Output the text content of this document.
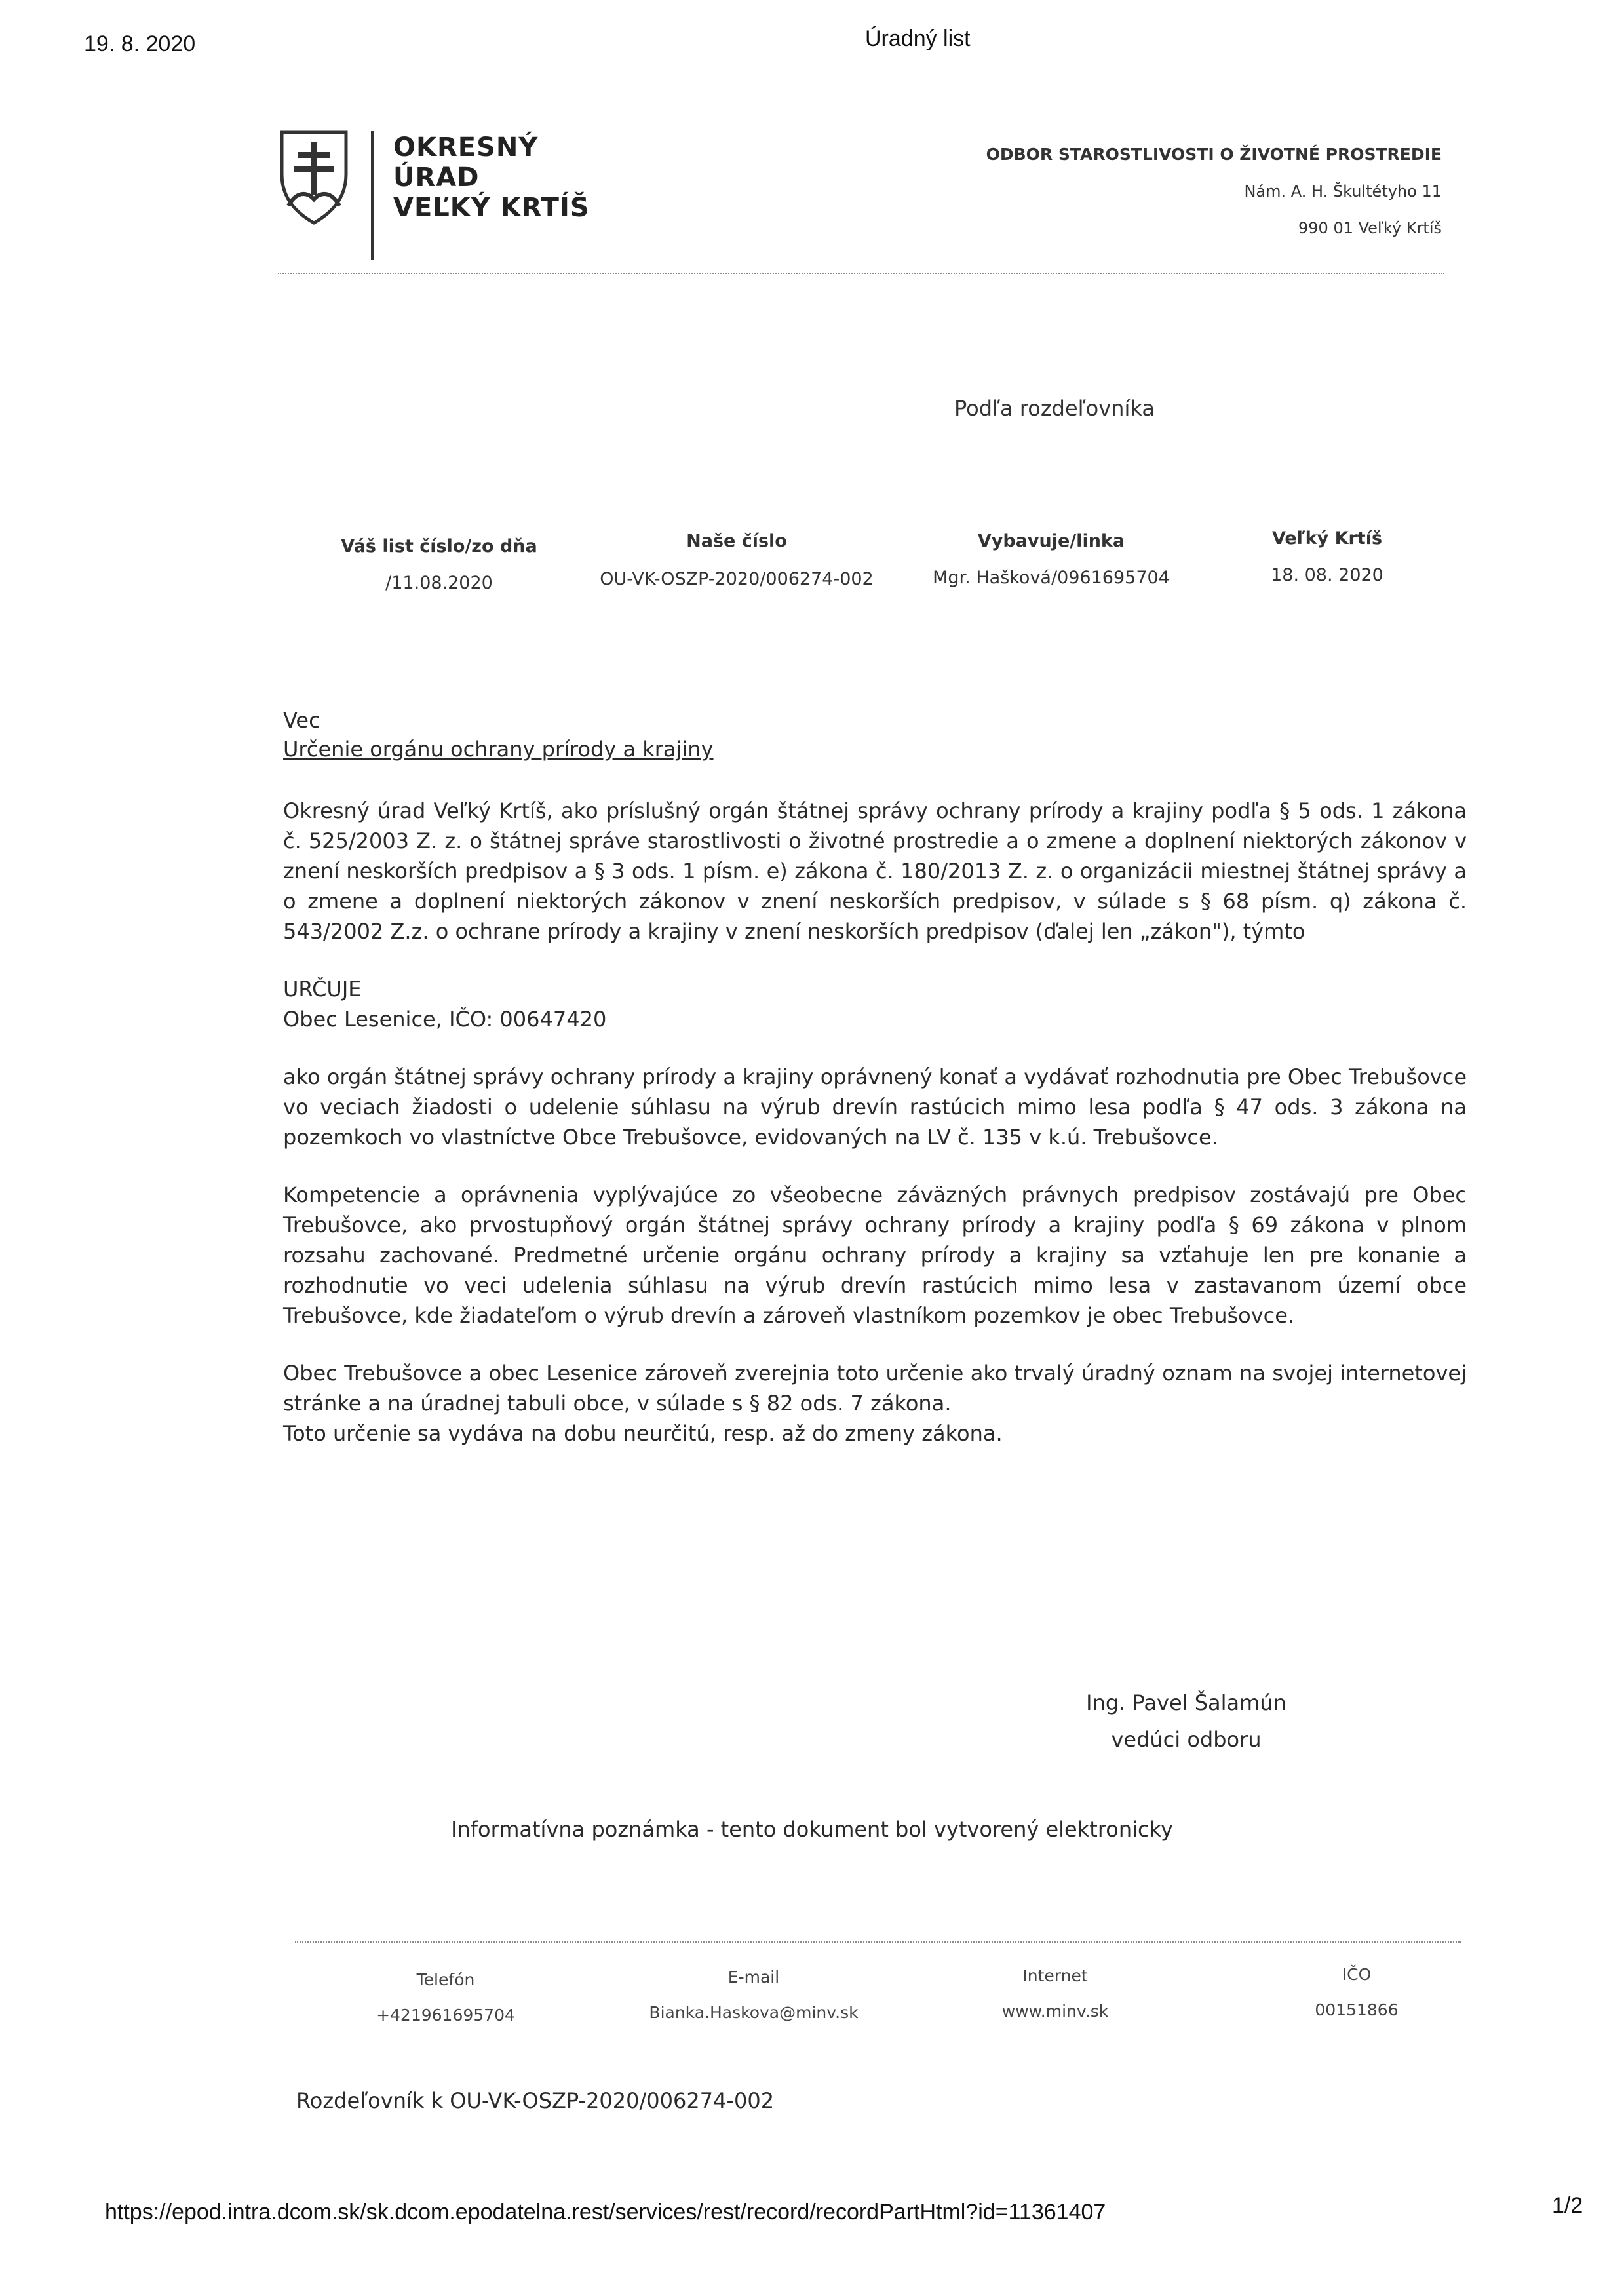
19. 8. 2020	Úradný list
OKRESNÝ
ÚRAD
VEĽKÝ KRTÍŠ
ODBOR STAROSTLIVOSTI O ŽIVOTNÉ PROSTREDIE
Nám. A. H. Škultétyho 11
990 01 Veľký Krtíš
Podľa rozdeľovníka
Váš list číslo/zo dňa
/11.08.2020
Naše číslo
OU-VK-OSZP-2020/006274-002
Vybavuje/linka
Mgr. Hašková/0961695704
Veľký Krtíš
18. 08. 2020
Vec
Určenie orgánu ochrany prírody a krajiny

Okresný úrad Veľký Krtíš, ako príslušný orgán štátnej správy ochrany prírody a krajiny podľa § 5 ods. 1 zákona č. 525/2003 Z. z. o štátnej správe starostlivosti o životné prostredie a o zmene a doplnení niektorých zákonov v znení neskorších predpisov a § 3 ods. 1 písm. e) zákona č. 180/2013 Z. z. o organizácii miestnej štátnej správy a o zmene a doplnení niektorých zákonov v znení neskorších predpisov, v súlade s § 68 písm. q) zákona č. 543/2002 Z.z. o ochrane prírody a krajiny v znení neskorších predpisov (ďalej len „zákon"), týmto

URČUJE

Obec Lesenice, IČO: 00647420

ako orgán štátnej správy ochrany prírody a krajiny oprávnený konať a vydávať rozhodnutia pre Obec Trebušovce vo veciach žiadosti o udelenie súhlasu na výrub drevín rastúcich mimo lesa podľa § 47 ods. 3 zákona na pozemkoch vo vlastníctve Obce Trebušovce, evidovaných na LV č. 135 v k.ú. Trebušovce.

Kompetencie a oprávnenia vyplývajúce zo všeobecne záväzných právnych predpisov zostávajú pre Obec Trebušovce, ako prvostupňový orgán štátnej správy ochrany prírody a krajiny podľa § 69 zákona v plnom rozsahu zachované. Predmetné určenie orgánu ochrany prírody a krajiny sa vzťahuje len pre konanie a rozhodnutie vo veci udelenia súhlasu na výrub drevín rastúcich mimo lesa v zastavanom území obce Trebušovce, kde žiadateľom o výrub drevín a zároveň vlastníkom pozemkov je obec Trebušovce.

Obec Trebušovce a obec Lesenice zároveň zverejnia toto určenie ako trvalý úradný oznam na svojej internetovej stránke a na úradnej tabuli obce, v súlade s § 82 ods. 7 zákona.

Toto určenie sa vydáva na dobu neurčitú, resp. až do zmeny zákona.

Ing. Pavel Šalamún
vedúci odboru
Informatívna poznámka - tento dokument bol vytvorený elektronicky
Telefón
+421961695704
E-mail
Bianka.Haskova@minv.sk
Internet
www.minv.sk
IČO
00151866
Rozdeľovník k OU-VK-OSZP-2020/006274-002
https://epod.intra.dcom.sk/sk.dcom.epodatelna.rest/services/rest/record/recordPartHtml?id=11361407	1/2
